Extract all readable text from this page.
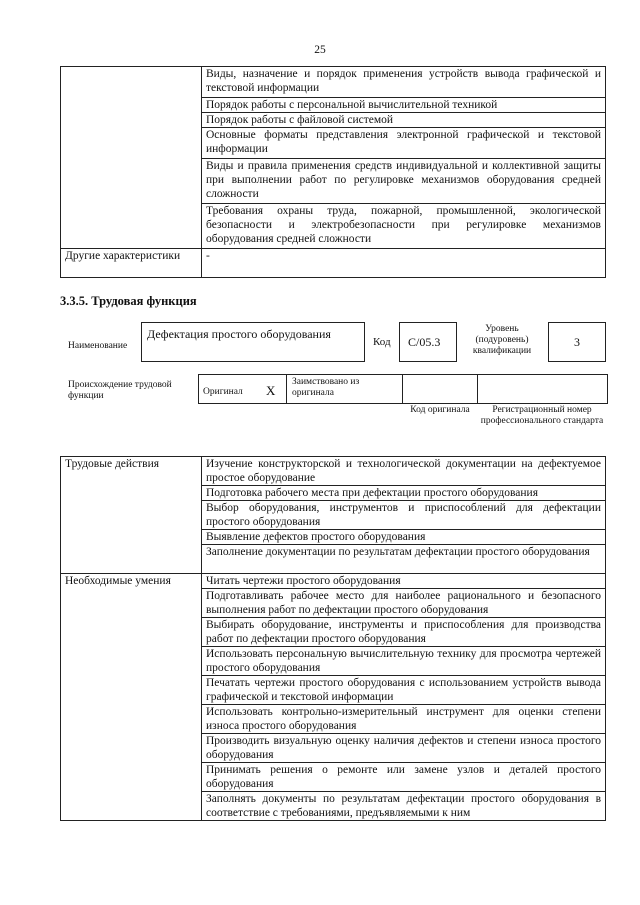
25
	Виды, назначение и порядок применения устройств вывода графической и текстовой информации
	Порядок работы с персональной вычислительной техникой
	Порядок работы с файловой системой
	Основные форматы представления электронной графической и текстовой информации
	Виды и правила применения средств индивидуальной и коллективной защиты при выполнении работ по регулировке механизмов оборудования средней сложности
	Требования охраны труда, пожарной, промышленной, экологической безопасности и электробезопасности при регулировке механизмов оборудования средней сложности
Другие характеристики	-
3.3.5. Трудовая функция
Наименование
Дефектация простого оборудования
Код	C/05.3
Уровень (подуровень) квалификации
3
Происхождение трудовой функции	Оригинал X
Заимствовано из оригинала
Код оригинала	Регистрационный номер профессионального стандарта
Трудовые действия	Изучение конструкторской и технологической документации на дефектуемое простое оборудование
	Подготовка рабочего места при дефектации простого оборудования
	Выбор оборудования, инструментов и приспособлений для дефектации простого оборудования
	Выявление дефектов простого оборудования
	Заполнение документации по результатам дефектации простого оборудования
Необходимые умения	Читать чертежи простого оборудования
	Подготавливать рабочее место для наиболее рационального и безопасного выполнения работ по дефектации простого оборудования
	Выбирать оборудование, инструменты и приспособления для производства работ по дефектации простого оборудования
	Использовать персональную вычислительную технику для просмотра чертежей простого оборудования
	Печатать чертежи простого оборудования с использованием устройств вывода графической и текстовой информации
	Использовать контрольно-измерительный инструмент для оценки степени износа простого оборудования
	Производить визуальную оценку наличия дефектов и степени износа простого оборудования
	Принимать решения о ремонте или замене узлов и деталей простого оборудования
	Заполнять документы по результатам дефектации простого оборудования в соответствие с требованиями, предъявляемыми к ним
